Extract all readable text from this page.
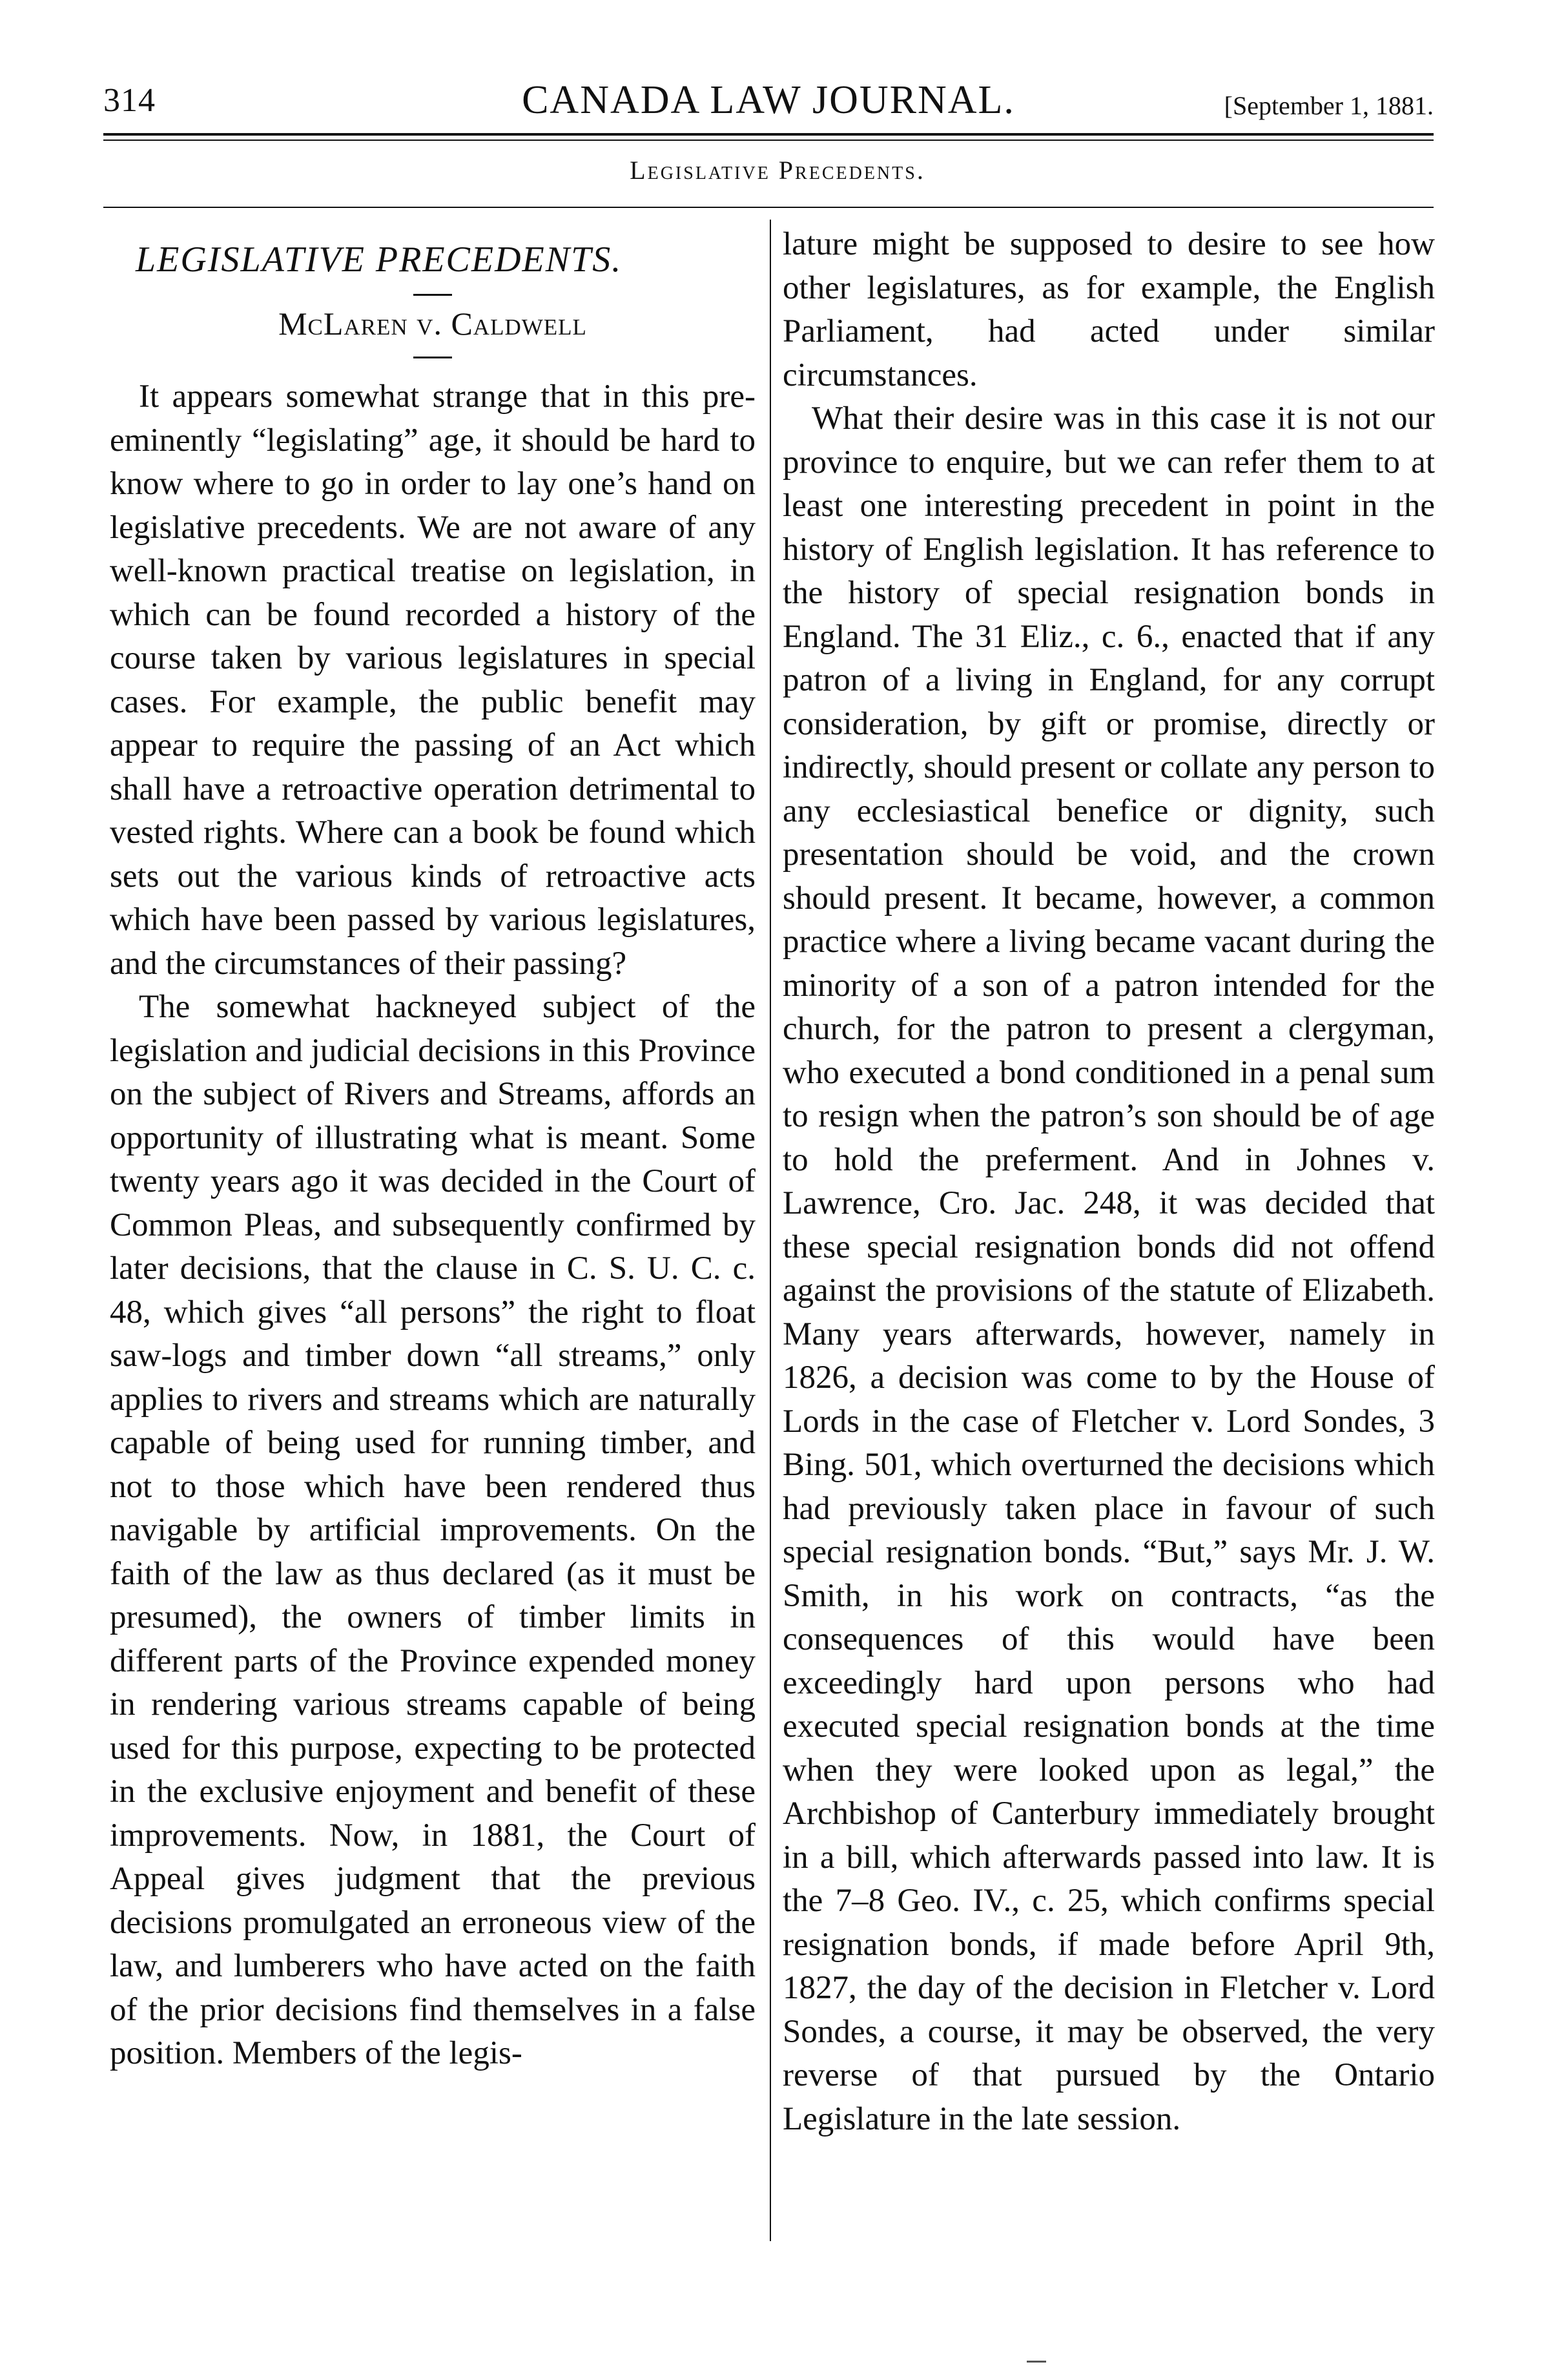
314	CANADA LAW JOURNAL.	[September 1, 1881.
Legislative Precedents.
LEGISLATIVE PRECEDENTS.
McLaren v. Caldwell

It appears somewhat strange that in this pre-eminently “legislating” age, it should be hard to know where to go in order to lay one’s hand on legislative precedents. We are not aware of any well-known practical treatise on legislation, in which can be found recorded a history of the course taken by various legislatures in special cases. For example, the public benefit may appear to require the passing of an Act which shall have a retroactive operation detrimental to vested rights. Where can a book be found which sets out the various kinds of retroactive acts which have been passed by various legislatures, and the circumstances of their passing?

The somewhat hackneyed subject of the legislation and judicial decisions in this Province on the subject of Rivers and Streams, affords an opportunity of illustrating what is meant. Some twenty years ago it was decided in the Court of Common Pleas, and subsequently confirmed by later decisions, that the clause in C. S. U. C. c. 48, which gives “all persons” the right to float saw-logs and timber down “all streams,” only applies to rivers and streams which are naturally capable of being used for running timber, and not to those which have been rendered thus navigable by artificial improvements. On the faith of the law as thus declared (as it must be presumed), the owners of timber limits in different parts of the Province expended money in rendering various streams capable of being used for this purpose, expecting to be protected in the exclusive enjoyment and benefit of these improvements. Now, in 1881, the Court of Appeal gives judgment that the previous decisions promulgated an erroneous view of the law, and lumberers who have acted on the faith of the prior decisions find themselves in a false position. Members of the legis-

lature might be supposed to desire to see how other legislatures, as for example, the English Parliament, had acted under similar circumstances.

What their desire was in this case it is not our province to enquire, but we can refer them to at least one interesting precedent in point in the history of English legislation. It has reference to the history of special resignation bonds in England. The 31 Eliz., c. 6., enacted that if any patron of a living in England, for any corrupt consideration, by gift or promise, directly or indirectly, should present or collate any person to any ecclesiastical benefice or dignity, such presentation should be void, and the crown should present. It became, however, a common practice where a living became vacant during the minority of a son of a patron intended for the church, for the patron to present a clergyman, who executed a bond conditioned in a penal sum to resign when the patron’s son should be of age to hold the preferment. And in Johnes v. Lawrence, Cro. Jac. 248, it was decided that these special resignation bonds did not offend against the provisions of the statute of Elizabeth. Many years afterwards, however, namely in 1826, a decision was come to by the House of Lords in the case of Fletcher v. Lord Sondes, 3 Bing. 501, which overturned the decisions which had previously taken place in favour of such special resignation bonds. “But,” says Mr. J. W. Smith, in his work on contracts, “as the consequences of this would have been exceedingly hard upon persons who had executed special resignation bonds at the time when they were looked upon as legal,” the Archbishop of Canterbury immediately brought in a bill, which afterwards passed into law. It is the 7–8 Geo. IV., c. 25, which confirms special resignation bonds, if made before April 9th, 1827, the day of the decision in Fletcher v. Lord Sondes, a course, it may be observed, the very reverse of that pursued by the Ontario Legislature in the late session.
